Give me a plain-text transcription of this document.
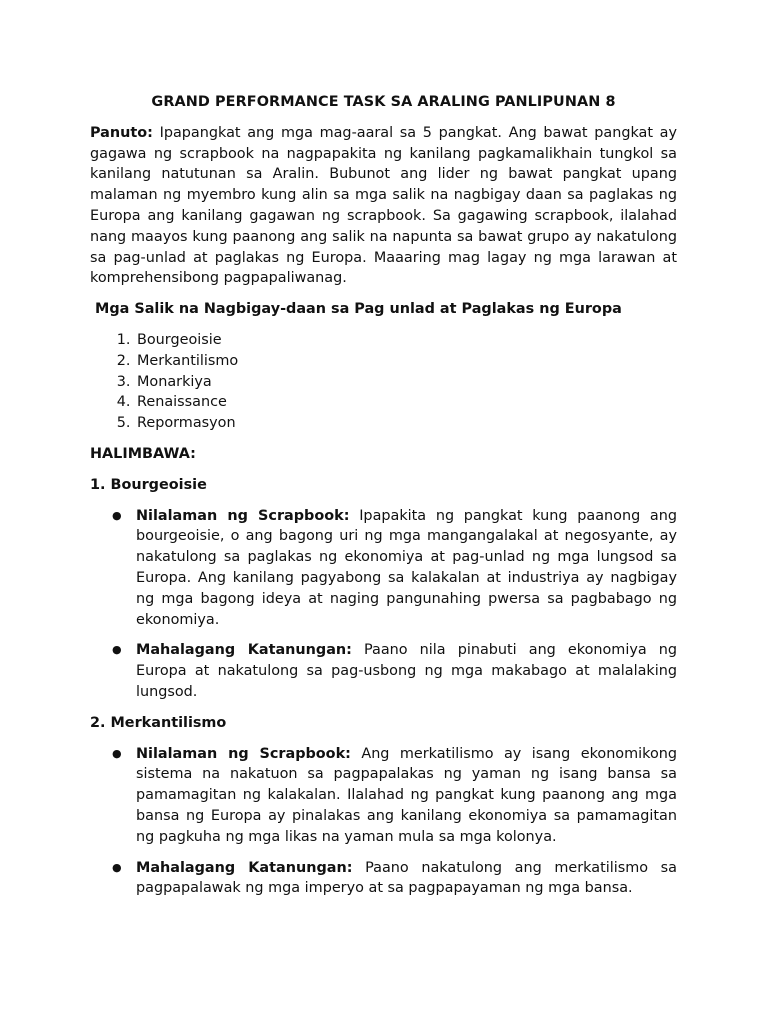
GRAND PERFORMANCE TASK SA ARALING PANLIPUNAN 8

Panuto: Ipapangkat ang mga mag-aaral sa 5 pangkat. Ang bawat pangkat ay gagawa ng scrapbook na nagpapakita ng kanilang pagkamalikhain tungkol sa kanilang natutunan sa Aralin. Bubunot ang lider ng bawat pangkat upang malaman ng myembro kung alin sa mga salik na nagbigay daan sa paglakas ng Europa ang kanilang gagawan ng scrapbook. Sa gagawing scrapbook, ilalahad nang maayos kung paanong ang salik na napunta sa bawat grupo ay nakatulong sa pag-unlad at paglakas ng Europa. Maaaring mag lagay ng mga larawan at komprehensibong pagpapaliwanag.

Mga Salik na Nagbigay-daan sa Pag unlad at Paglakas ng Europa

1. Bourgeoisie
2. Merkantilismo
3. Monarkiya
4. Renaissance
5. Repormasyon

HALIMBAWA:

1. Bourgeoisie

● Nilalaman ng Scrapbook: Ipapakita ng pangkat kung paanong ang bourgeoisie, o ang bagong uri ng mga mangangalakal at negosyante, ay nakatulong sa paglakas ng ekonomiya at pag-unlad ng mga lungsod sa Europa. Ang kanilang pagyabong sa kalakalan at industriya ay nagbigay ng mga bagong ideya at naging pangunahing pwersa sa pagbabago ng ekonomiya.
● Mahalagang Katanungan: Paano nila pinabuti ang ekonomiya ng Europa at nakatulong sa pag-usbong ng mga makabago at malalaking lungsod.

2. Merkantilismo

● Nilalaman ng Scrapbook: Ang merkatilismo ay isang ekonomikong sistema na nakatuon sa pagpapalakas ng yaman ng isang bansa sa pamamagitan ng kalakalan. Ilalahad ng pangkat kung paanong ang mga bansa ng Europa ay pinalakas ang kanilang ekonomiya sa pamamagitan ng pagkuha ng mga likas na yaman mula sa mga kolonya.
● Mahalagang Katanungan: Paano nakatulong ang merkatilismo sa pagpapalawak ng mga imperyo at sa pagpapayaman ng mga bansa.
